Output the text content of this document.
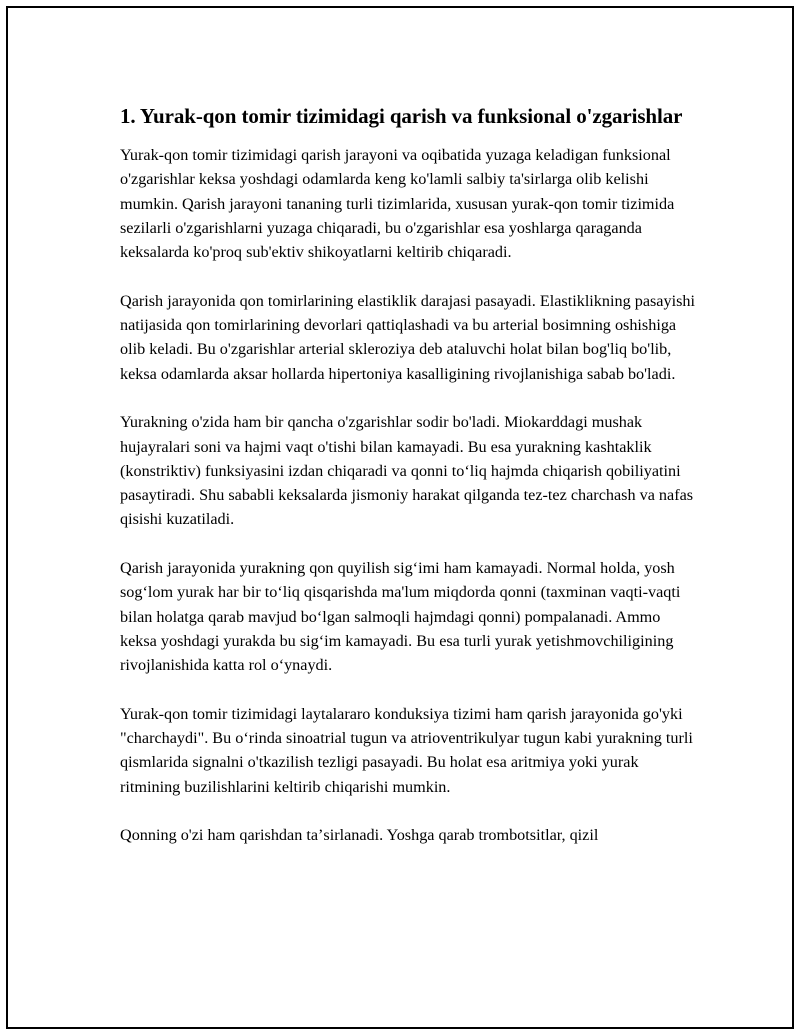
1. Yurak-qon tomir tizimidagi qarish va funksional o'zgarishlar

Yurak-qon tomir tizimidagi qarish jarayoni va oqibatida yuzaga keladigan funksional o'zgarishlar keksa yoshdagi odamlarda keng ko'lamli salbiy ta'sirlarga olib kelishi mumkin. Qarish jarayoni tananing turli tizimlarida, xususan yurak-qon tomir tizimida sezilarli o'zgarishlarni yuzaga chiqaradi, bu o'zgarishlar esa yoshlarga qaraganda keksalarda ko'proq sub'ektiv shikoyatlarni keltirib chiqaradi.

Qarish jarayonida qon tomirlarining elastiklik darajasi pasayadi. Elastiklikning pasayishi natijasida qon tomirlarining devorlari qattiqlashadi va bu arterial bosimning oshishiga olib keladi. Bu o'zgarishlar arterial skleroziya deb ataluvchi holat bilan bog'liq bo'lib, keksa odamlarda aksar hollarda hipertoniya kasalligining rivojlanishiga sabab bo'ladi.

Yurakning o'zida ham bir qancha o'zgarishlar sodir bo'ladi. Miokarddagi mushak hujayralari soni va hajmi vaqt o'tishi bilan kamayadi. Bu esa yurakning kashtaklik (konstriktiv) funksiyasini izdan chiqaradi va qonni to‘liq hajmda chiqarish qobiliyatini pasaytiradi. Shu sababli keksalarda jismoniy harakat qilganda tez-tez charchash va nafas qisishi kuzatiladi.

Qarish jarayonida yurakning qon quyilish sig‘imi ham kamayadi. Normal holda, yosh sog‘lom yurak har bir to‘liq qisqarishda ma'lum miqdorda qonni (taxminan vaqti-vaqti bilan holatga qarab mavjud bo‘lgan salmoqli hajmdagi qonni) pompalanadi. Ammo keksa yoshdagi yurakda bu sig‘im kamayadi. Bu esa turli yurak yetishmovchiligining rivojlanishida katta rol o‘ynaydi.

Yurak-qon tomir tizimidagi laytalararo konduksiya tizimi ham qarish jarayonida go'yki "charchaydi". Bu o‘rinda sinoatrial tugun va atrioventrikulyar tugun kabi yurakning turli qismlarida signalni o'tkazilish tezligi pasayadi. Bu holat esa aritmiya yoki yurak ritmining buzilishlarini keltirib chiqarishi mumkin.

Qonning o'zi ham qarishdan taʼsirlanadi. Yoshga qarab trombotsitlar, qizil
